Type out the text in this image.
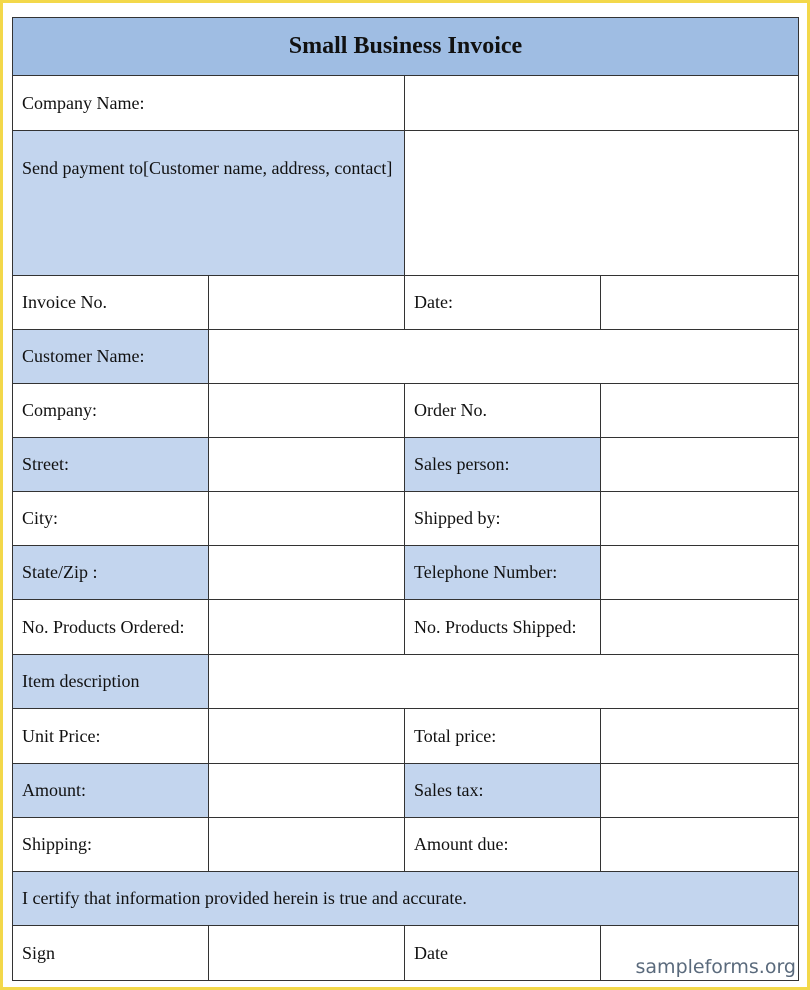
Small Business Invoice
Company Name:
Send payment to[Customer name, address, contact]
Invoice No.	Date:
Customer Name:
Company:	Order No.
Street:	Sales person:
City:	Shipped by:
State/Zip :	Telephone Number:
No. Products Ordered:	No. Products Shipped:
Item description
Unit Price:	Total price:
Amount:	Sales tax:
Shipping:	Amount due:
I certify that information provided herein is true and accurate.
Sign	Date
sampleforms.org
